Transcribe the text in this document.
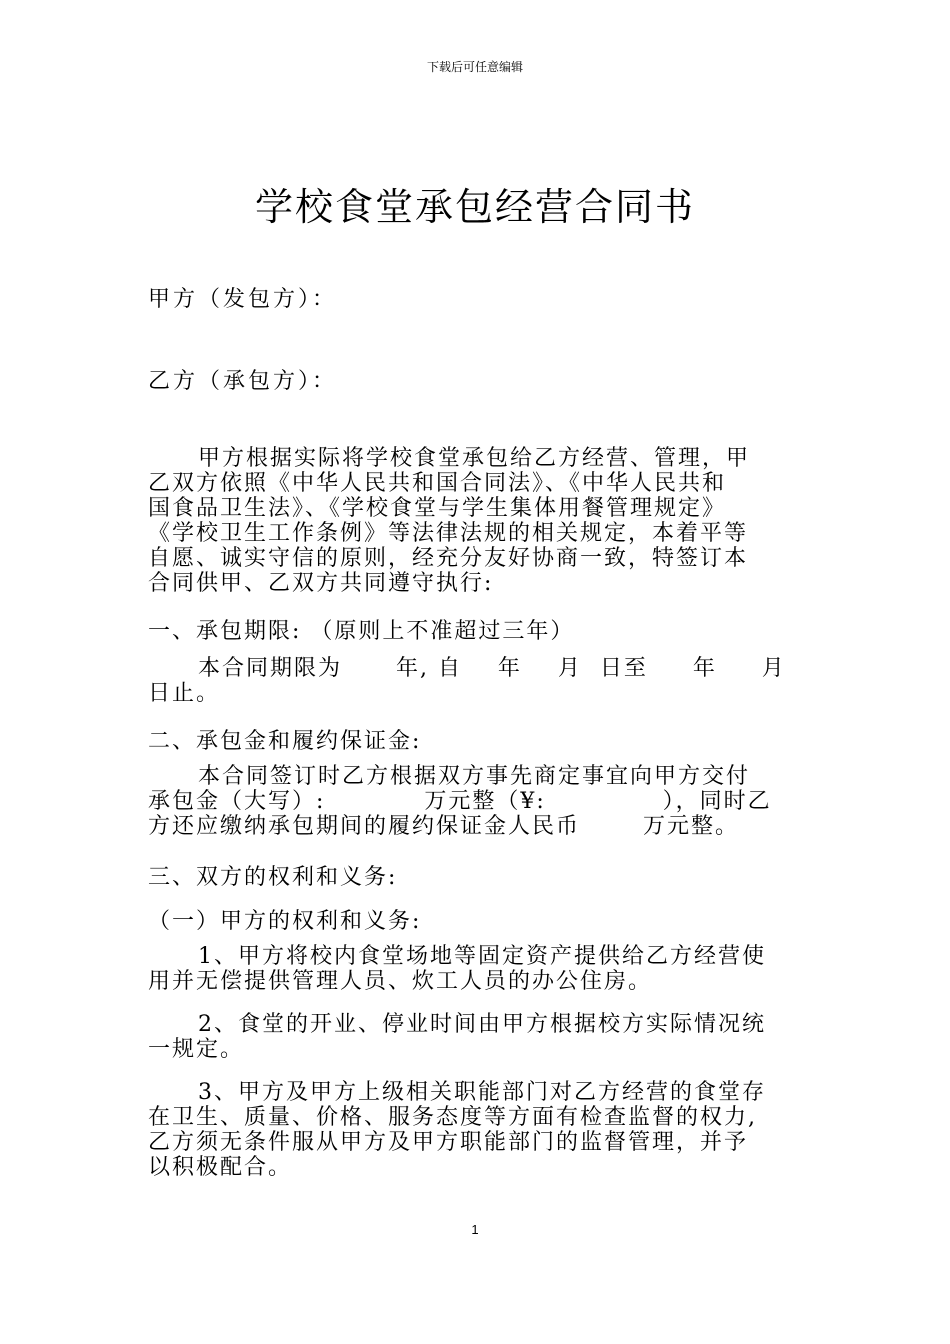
下载后可任意编辑
学校食堂承包经营合同书
甲方（发包方）：
乙方（承包方）：
甲方根据实际将学校食堂承包给乙方经营、管理，甲
乙双方依照《中华人民共和国合同法》、《中华人民共和
国食品卫生法》、《学校食堂与学生集体用餐管理规定》
《学校卫生工作条例》等法律法规的相关规定，本着平等
自愿、诚实守信的原则，经充分友好协商一致，特签订本
合同供甲、乙双方共同遵守执行:
一、承包期限: （原则上不准超过三年）
本合同期限为      年, 自    年    月  日至     年     月
日止。
二、承包金和履约保证金:
本合同签订时乙方根据双方事先商定事宜向甲方交付
承包金（大写）:           万元整（¥:             ），同时乙
方还应缴纳承包期间的履约保证金人民币       万元整。
三、双方的权利和义务:
（一）甲方的权利和义务:
1、甲方将校内食堂场地等固定资产提供给乙方经营使
用并无偿提供管理人员、炊工人员的办公住房。
2、食堂的开业、停业时间由甲方根据校方实际情况统
一规定。
3、甲方及甲方上级相关职能部门对乙方经营的食堂存
在卫生、质量、价格、服务态度等方面有检查监督的权力,
乙方须无条件服从甲方及甲方职能部门的监督管理，并予
以积极配合。
1
